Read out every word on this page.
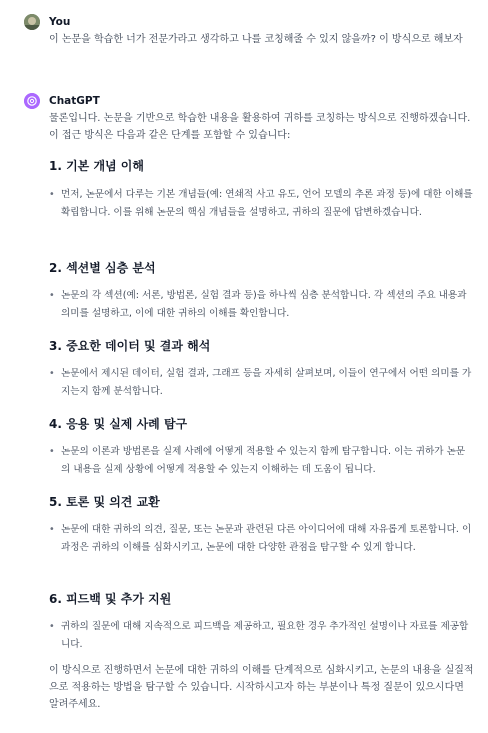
You
이 논문을 학습한 너가 전문가라고 생각하고 나를 코칭해줄 수 있지 않을까? 이 방식으로 해보자
ChatGPT
물론입니다. 논문을 기반으로 학습한 내용을 활용하여 귀하를 코칭하는 방식으로 진행하겠습니다. 이 접근 방식은 다음과 같은 단계를 포함할 수 있습니다:
1. 기본 개념 이해
• 먼저, 논문에서 다루는 기본 개념들(예: 연쇄적 사고 유도, 언어 모델의 추론 과정 등)에 대한 이해를 확립합니다. 이를 위해 논문의 핵심 개념들을 설명하고, 귀하의 질문에 답변하겠습니다.
2. 섹션별 심층 분석
• 논문의 각 섹션(예: 서론, 방법론, 실험 결과 등)을 하나씩 심층 분석합니다. 각 섹션의 주요 내용과 의미를 설명하고, 이에 대한 귀하의 이해를 확인합니다.
3. 중요한 데이터 및 결과 해석
• 논문에서 제시된 데이터, 실험 결과, 그래프 등을 자세히 살펴보며, 이들이 연구에서 어떤 의미를 가지는지 함께 분석합니다.
4. 응용 및 실제 사례 탐구
• 논문의 이론과 방법론을 실제 사례에 어떻게 적용할 수 있는지 함께 탐구합니다. 이는 귀하가 논문의 내용을 실제 상황에 어떻게 적용할 수 있는지 이해하는 데 도움이 됩니다.
5. 토론 및 의견 교환
• 논문에 대한 귀하의 의견, 질문, 또는 논문과 관련된 다른 아이디어에 대해 자유롭게 토론합니다. 이 과정은 귀하의 이해를 심화시키고, 논문에 대한 다양한 관점을 탐구할 수 있게 합니다.
6. 피드백 및 추가 지원
• 귀하의 질문에 대해 지속적으로 피드백을 제공하고, 필요한 경우 추가적인 설명이나 자료를 제공합니다.
이 방식으로 진행하면서 논문에 대한 귀하의 이해를 단계적으로 심화시키고, 논문의 내용을 실질적으로 적용하는 방법을 탐구할 수 있습니다. 시작하시고자 하는 부분이나 특정 질문이 있으시다면 알려주세요.
